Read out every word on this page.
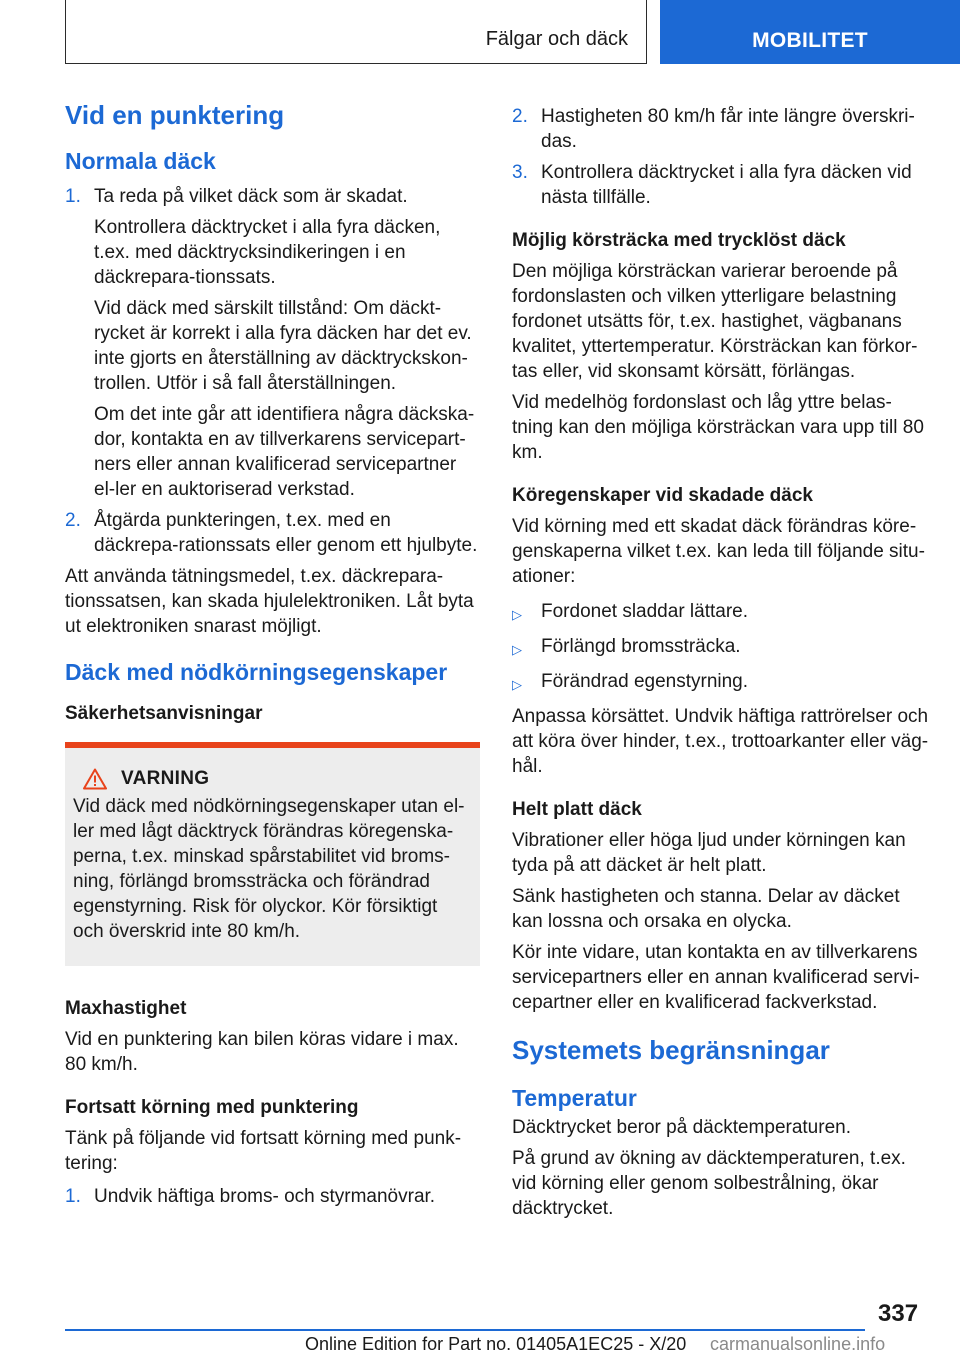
Fälgar och däck	MOBILITET
Vid en punktering
Normala däck
1. Ta reda på vilket däck som är skadat.
Kontrollera däcktrycket i alla fyra däcken, t.ex. med däcktrycksindikeringen i en däckrepara-tionssats.
Vid däck med särskilt tillstånd: Om däckt-rycket är korrekt i alla fyra däcken har det ev. inte gjorts en återställning av däcktryckskon-trollen. Utför i så fall återställningen.
Om det inte går att identifiera några däckska-dor, kontakta en av tillverkarens servicepart-ners eller annan kvalificerad servicepartner el-ler en auktoriserad verkstad.
2. Åtgärda punkteringen, t.ex. med en däckrepa-rationssats eller genom ett hjulbyte.

Att använda tätningsmedel, t.ex. däckrepara-tionssatsen, kan skada hjulelektroniken. Låt byta ut elektroniken snarast möjligt.

Däck med nödkörningsegenskaper
Säkerhetsanvisningar
VARNING

Vid däck med nödkörningsegenskaper utan el-ler med lågt däcktryck förändras köregenska-perna, t.ex. minskad spårstabilitet vid broms-ning, förlängd bromssträcka och förändrad egenstyrning. Risk för olyckor. Kör försiktigt och överskrid inte 80 km/h.

Maxhastighet

Vid en punktering kan bilen köras vidare i max. 80 km/h.

Fortsatt körning med punktering

Tänk på följande vid fortsatt körning med punk-tering:

1. Undvik häftiga broms- och styrmanövrar.
2. Hastigheten 80 km/h får inte längre överskri-das.
3. Kontrollera däcktrycket i alla fyra däcken vid nästa tillfälle.
Möjlig körsträcka med trycklöst däck

Den möjliga körsträckan varierar beroende på fordonslasten och vilken ytterligare belastning fordonet utsätts för, t.ex. hastighet, vägbanans kvalitet, yttertemperatur. Körsträckan kan förkor-tas eller, vid skonsamt körsätt, förlängas.

Vid medelhög fordonslast och låg yttre belas-tning kan den möjliga körsträckan vara upp till 80 km.

Köregenskaper vid skadade däck

Vid körning med ett skadat däck förändras köre-genskaperna vilket t.ex. kan leda till följande situ-ationer:

▷	Fordonet sladdar lättare.
▷	Förlängd bromssträcka.
▷	Förändrad egenstyrning.

Anpassa körsättet. Undvik häftiga rattrörelser och att köra över hinder, t.ex., trottoarkanter eller väg-hål.

Helt platt däck

Vibrationer eller höga ljud under körningen kan tyda på att däcket är helt platt.

Sänk hastigheten och stanna. Delar av däcket kan lossna och orsaka en olycka.

Kör inte vidare, utan kontakta en av tillverkarens servicepartners eller en annan kvalificerad servi-cepartner eller en kvalificerad fackverkstad.

Systemets begränsningar
Temperatur

Däcktrycket beror på däcktemperaturen.

På grund av ökning av däcktemperaturen, t.ex. vid körning eller genom solbestrålning, ökar däcktrycket.

337
Online Edition for Part no. 01405A1EC25 - X/20 carmanualsonline.info
